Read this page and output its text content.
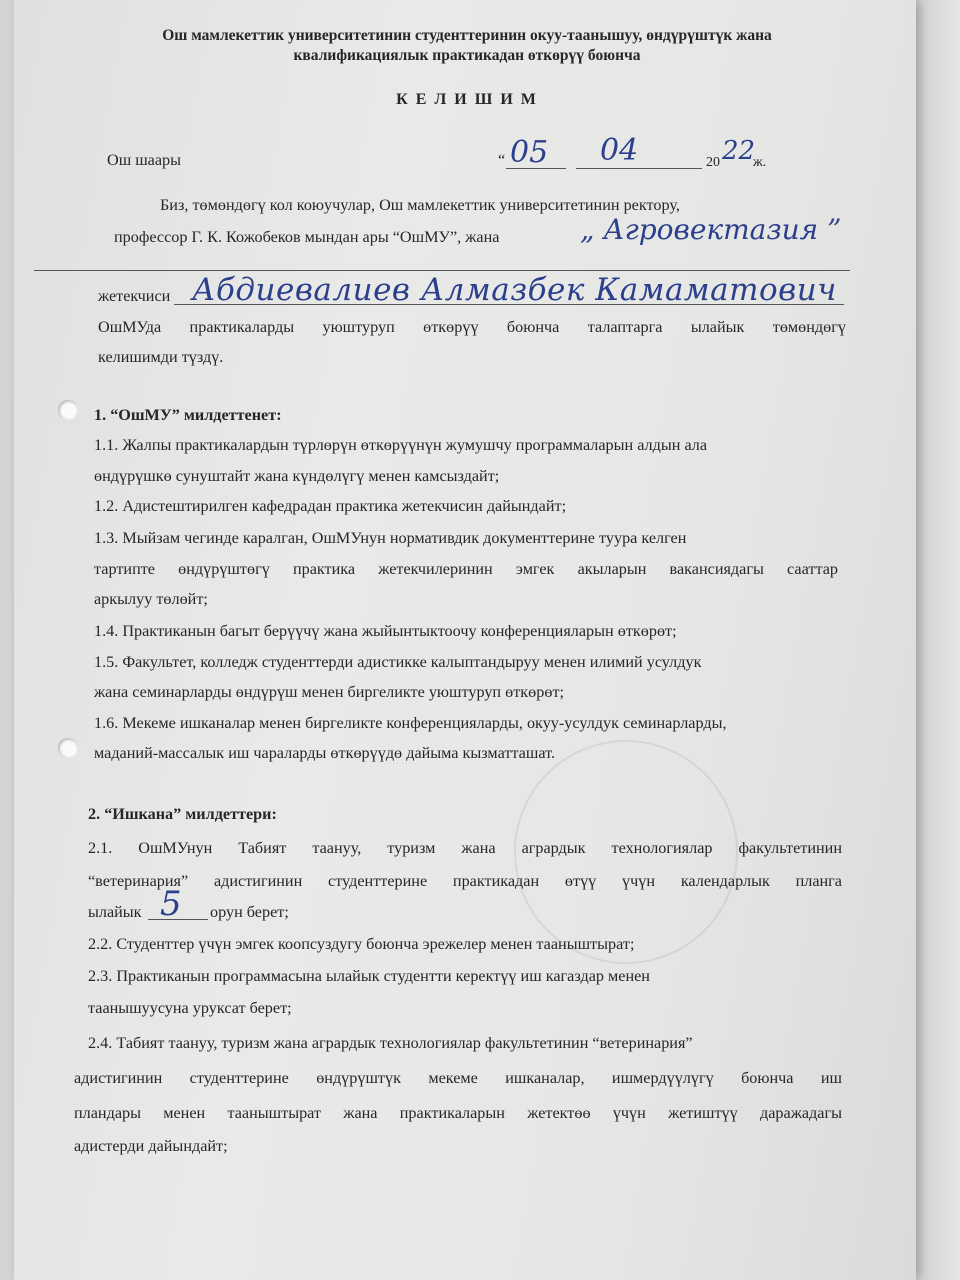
Ош мамлекеттик университетинин студенттеринин окуу-таанышуу, өндүрүштүк жана
квалификациялык практикадан өткөрүү боюнча
К Е Л И Ш И М
Ош шаары	“ 05 04	20 22
ж.
Биз, төмөндөгү кол коюучулар, Ош мамлекеттик университетинин ректору,
профессор Г. К. Кожобеков мындан ары “ОшМУ”, жана	„ Агровектазия ”
жетекчиси Абдиевалиев Алмазбек Камаматович
ОшМУда практикаларды уюштуруп өткөрүү боюнча талаптарга ылайык төмөндөгү
келишимди түздү.
1. “ОшМУ” милдеттенет:
1.1. Жалпы практикалардын түрлөрүн өткөрүүнүн жумушчу программаларын алдын ала
өндүрүшкө сунуштайт жана күндөлүгү менен камсыздайт;
1.2. Адистештирилген кафедрадан практика жетекчисин дайындайт;
1.3. Мыйзам чегинде каралган, ОшМУнун нормативдик документтерине туура келген
тартипте өндүрүштөгү практика жетекчилеринин эмгек акыларын вакансиядагы сааттар
аркылуу төлөйт;
1.4. Практиканын багыт берүүчү жана жыйынтыктоочу конференцияларын өткөрөт;
1.5. Факультет, колледж студенттерди адистикке калыптандыруу менен илимий усулдук
жана семинарларды өндүрүш менен биргеликте уюштуруп өткөрөт;
1.6. Мекеме ишканалар менен биргеликте конференцияларды, окуу-усулдук семинарларды,
маданий-массалык иш чараларды өткөрүүдө дайыма кызматташат.
2. “Ишкана” милдеттери:
2.1. ОшМУнун Табият таануу, туризм жана агрардык технологиялар факультетинин
“ветеринария” адистигинин студенттерине практикадан өтүү үчүн календарлык планга
ылайык 5 орун берет;
2.2. Студенттер үчүн эмгек коопсуздугу боюнча эрежелер менен тааныштырат;
2.3. Практиканын программасына ылайык студентти керектүү иш кагаздар менен
таанышуусуна уруксат берет;
2.4. Табият таануу, туризм жана агрардык технологиялар факультетинин “ветеринария”
адистигинин студенттерине өндүрүштүк мекеме ишканалар, ишмердүүлүгү боюнча иш
пландары менен тааныштырат жана практикаларын жетектөө үчүн жетиштүү даражадагы
адистерди дайындайт;
